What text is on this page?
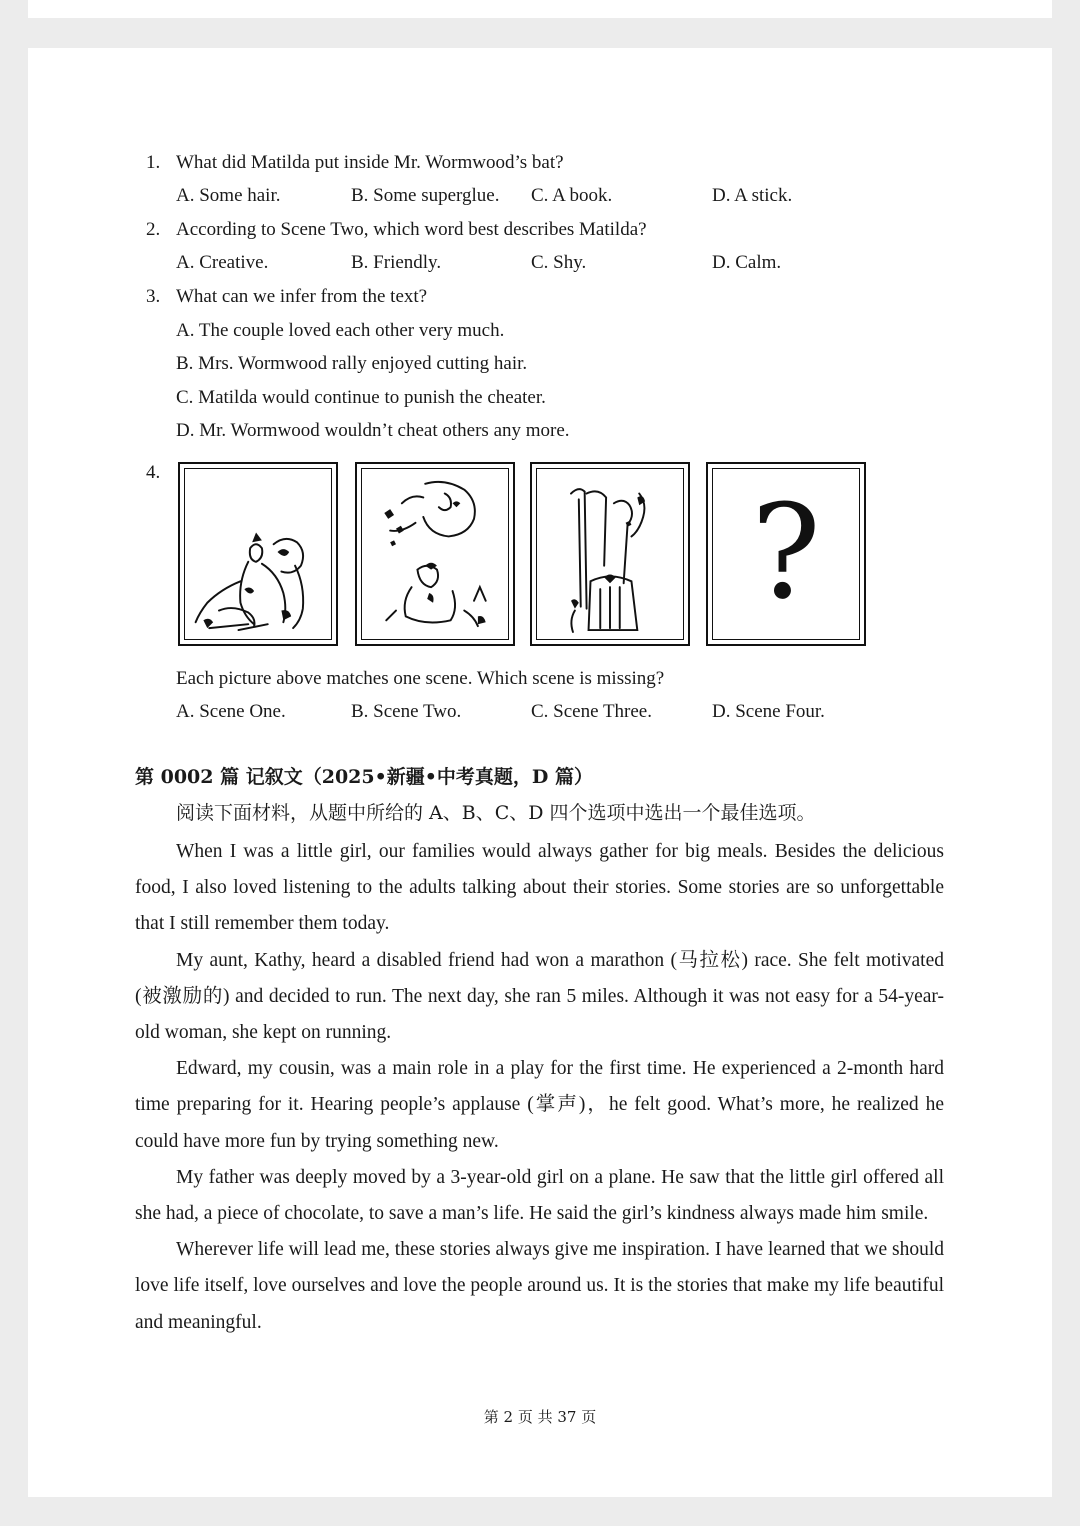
1. What did Matilda put inside Mr. Wormwood’s bat?
A. Some hair.	B. Some superglue. C. A book.	D. A stick.
2. According to Scene Two, which word best describes Matilda?
A. Creative.	B. Friendly.	C. Shy.	D. Calm.
3. What can we infer from the text?
A. The couple loved each other very much.
B. Mrs. Wormwood rally enjoyed cutting hair.
C. Matilda would continue to punish the cheater.
D. Mr. Wormwood wouldn’t cheat others any more.
4.
?
Each picture above matches one scene. Which scene is missing?
A. Scene One.	B. Scene Two.	C. Scene Three.	D. Scene Four.
第 0002 篇 记叙文（2025•新疆•中考真题，D 篇）
阅读下面材料，从题中所给的 A、B、C、D 四个选项中选出一个最佳选项。

When I was a little girl, our families would always gather for big meals. Besides the delicious food, I also loved listening to the adults talking about their stories. Some stories are so unforgettable that I still remember them today.

My aunt, Kathy, heard a disabled friend had won a marathon (马拉松) race. She felt motivated (被激励的) and decided to run. The next day, she ran 5 miles. Although it was not easy for a 54-year-old woman, she kept on running.

Edward, my cousin, was a main role in a play for the first time. He experienced a 2-month hard time preparing for it. Hearing people’s applause (掌声)，he felt good. What’s more, he realized he could have more fun by trying something new.

My father was deeply moved by a 3-year-old girl on a plane. He saw that the little girl offered all she had, a piece of chocolate, to save a man’s life. He said the girl’s kindness always made him smile.

Wherever life will lead me, these stories always give me inspiration. I have learned that we should love life itself, love ourselves and love the people around us. It is the stories that make my life beautiful and meaningful.

第 2 页 共 37 页
